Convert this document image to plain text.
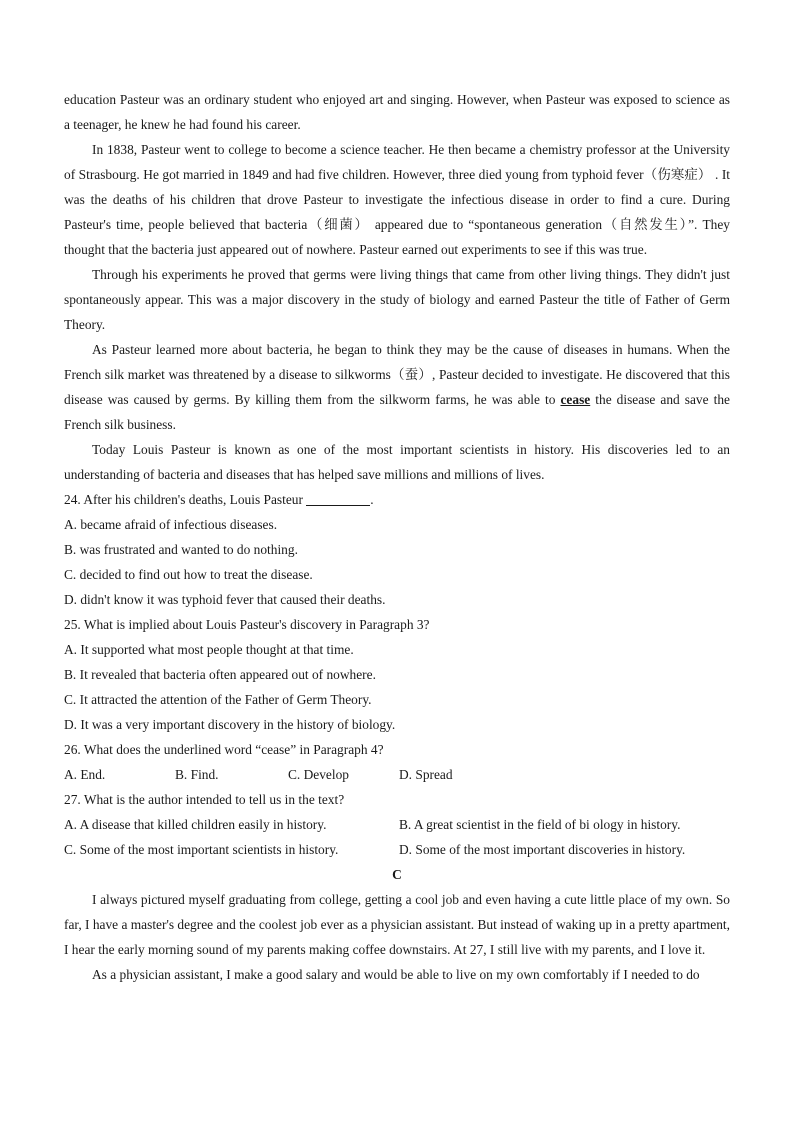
education Pasteur was an ordinary student who enjoyed art and singing. However, when Pasteur was exposed to science as a teenager, he knew he had found his career.

In 1838, Pasteur went to college to become a science teacher. He then became a chemistry professor at the University of Strasbourg. He got married in 1849 and had five children. However, three died young from typhoid fever（伤寒症） . It was the deaths of his children that drove Pasteur to investigate the infectious disease in order to find a cure. During Pasteur's time, people believed that bacteria（细菌） appeared due to “spontaneous generation（自然发生）”. They thought that the bacteria just appeared out of nowhere. Pasteur earned out experiments to see if this was true.

Through his experiments he proved that germs were living things that came from other living things. They didn't just spontaneously appear. This was a major discovery in the study of biology and earned Pasteur the title of Father of Germ Theory.

As Pasteur learned more about bacteria, he began to think they may be the cause of diseases in humans. When the French silk market was threatened by a disease to silkworms（蚕）, Pasteur decided to investigate. He discovered that this disease was caused by germs. By killing them from the silkworm farms, he was able to cease the disease and save the French silk business.

Today Louis Pasteur is known as one of the most important scientists in history. His discoveries led to an understanding of bacteria and diseases that has helped save millions and millions of lives.

24. After his children's deaths, Louis Pasteur	.

A. became afraid of infectious diseases.

B. was frustrated and wanted to do nothing.

C. decided to find out how to treat the disease.

D. didn't know it was typhoid fever that caused their deaths.

25. What is implied about Louis Pasteur's discovery in Paragraph 3?

A. It supported what most people thought at that time.

B. It revealed that bacteria often appeared out of nowhere.

C. It attracted the attention of the Father of Germ Theory.

D. It was a very important discovery in the history of biology.

26. What does the underlined word “cease” in Paragraph 4?

A. End.	B. Find.	C. Develop	D. Spread

27. What is the author intended to tell us in the text?

A. A disease that killed children easily in history.	B. A great scientist in the field of bi ology in history.
C. Some of the most important scientists in history.	D. Some of the most important discoveries in history.

C

I always pictured myself graduating from college, getting a cool job and even having a cute little place of my own. So far, I have a master's degree and the coolest job ever as a physician assistant. But instead of waking up in a pretty apartment, I hear the early morning sound of my parents making coffee downstairs. At 27, I still live with my parents, and I love it.

As a physician assistant, I make a good salary and would be able to live on my own comfortably if I needed to do
